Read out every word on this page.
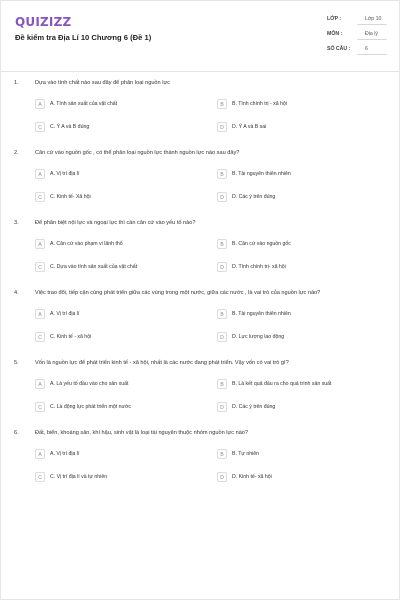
QUIZIZZ
Đề kiểm tra Địa Lí 10 Chương 6 (Đề 1)
LỚP :	Lớp 10
MÔN :	Địa lý
SỐ CÂU :	6
1.	Dựa vào tính chất nào sau đây để phân loại nguồn lực
A	A. Tính sản xuất của vật chất	B	B. Tính chính trị - xã hội
C	C. Ý A và B đúng	D	D. Ý A và B sai
2.	Căn cứ vào nguồn gốc , có thể phân loại nguồn lực thành nguồn lực nào sau đây?
A	A. Vị trí địa lí	B	B. Tài nguyên thiên nhiên
C	C. Kinh tế- Xã hội	D	D. Các ý trên đúng
3.	Để phân biệt nội lực và ngoại lực thì cần căn cứ vào yếu tố nào?
A	A. Căn cứ vào phạm vi lãnh thổ	B	B. Căn cứ vào nguồn gốc
C	C. Dựa vào tính sản xuất của vật chất	D	D. Tính chính trị- xã hội
4.	Việc trao đổi, tiếp cận cùng phát triển giữa các vùng trong một nước, giữa các nước , là vai trò của nguồn lực nào?
A	A. Vị trí địa lí	B	B. Tài nguyên thiên nhiên
C	C. Kinh tế - xã hội	D	D. Lực lượng lao động
5.	Vốn là nguồn lực để phát triển kinh tế - xã hội, nhất là các nước đang phát triển. Vậy vốn có vai trò gì?
A	A. Là yếu tố đầu vào cho sản xuất	B	B. Là kết quả đầu ra cho quá trình sản xuất
C	C. Là động lực phát triển một nước	D	D. Các ý trên đúng
6.	Đất, biển, khoáng sản, khí hậu, sinh vật là loại tài nguyên thuộc nhóm nguồn lực nào?
A	A. Vị trí địa lí	B	B. Tự nhiên
C	C. Vị trí địa lí và tự nhiên	D	D. Kinh tế- xã hội
